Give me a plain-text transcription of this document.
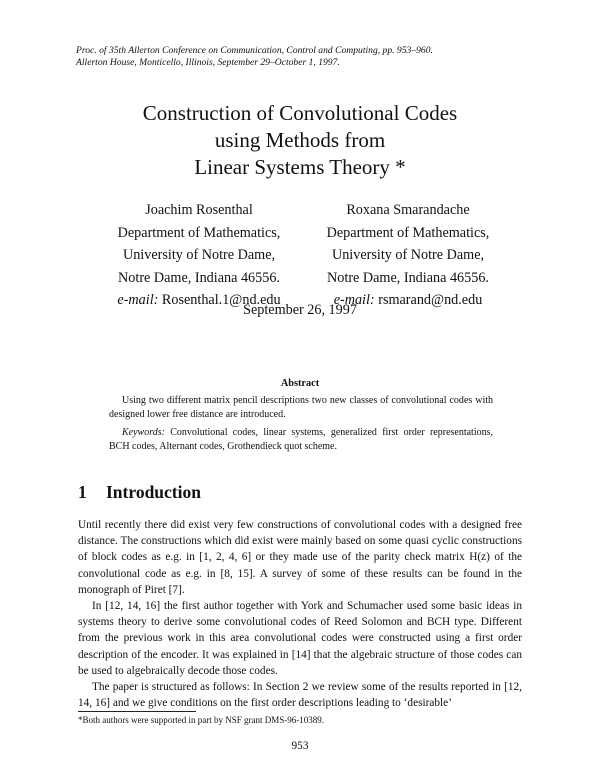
Proc. of 35th Allerton Conference on Communication, Control and Computing, pp. 953–960.
Allerton House, Monticello, Illinois, September 29–October 1, 1997.
Construction of Convolutional Codes
using Methods from
Linear Systems Theory *
Joachim Rosenthal
Department of Mathematics,
University of Notre Dame,
Notre Dame, Indiana 46556.
e-mail: Rosenthal.1@nd.edu
Roxana Smarandache
Department of Mathematics,
University of Notre Dame,
Notre Dame, Indiana 46556.
e-mail: rsmarand@nd.edu
September 26, 1997
Abstract

Using two different matrix pencil descriptions two new classes of convolutional codes with designed lower free distance are introduced.

Keywords: Convolutional codes, linear systems, generalized first order representations, BCH codes, Alternant codes, Grothendieck quot scheme.

1 Introduction

Until recently there did exist very few constructions of convolutional codes with a designed free distance. The constructions which did exist were mainly based on some quasi cyclic constructions of block codes as e.g. in [1, 2, 4, 6] or they made use of the parity check matrix H(z) of the convolutional code as e.g. in [8, 15]. A survey of some of these results can be found in the monograph of Piret [7].

In [12, 14, 16] the first author together with York and Schumacher used some basic ideas in systems theory to derive some convolutional codes of Reed Solomon and BCH type. Different from the previous work in this area convolutional codes were constructed using a first order description of the encoder. It was explained in [14] that the algebraic structure of those codes can be used to algebraically decode those codes.

The paper is structured as follows: In Section 2 we review some of the results reported in [12, 14, 16] and we give conditions on the first order descriptions leading to ‘desirable’

*Both authors were supported in part by NSF grant DMS-96-10389.
953
